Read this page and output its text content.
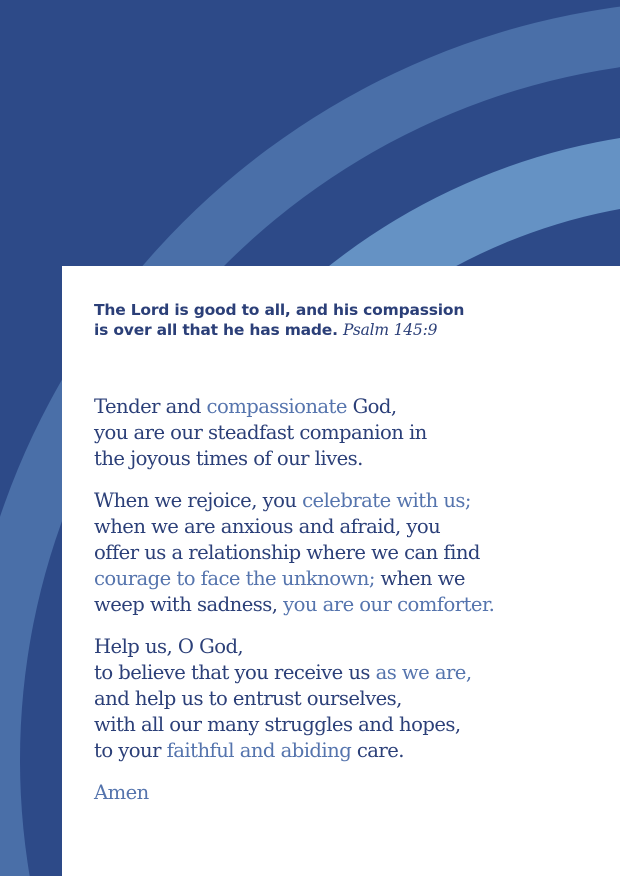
The Lord is good to all, and his compassion
is over all that he has made. Psalm 145:9

Tender and compassionate God,
you are our steadfast companion in
the joyous times of our lives.

When we rejoice, you celebrate with us;
when we are anxious and afraid, you
offer us a relationship where we can find
courage to face the unknown; when we
weep with sadness, you are our comforter.

Help us, O God,
to believe that you receive us as we are,
and help us to entrust ourselves,
with all our many struggles and hopes,
to your faithful and abiding care.

Amen
